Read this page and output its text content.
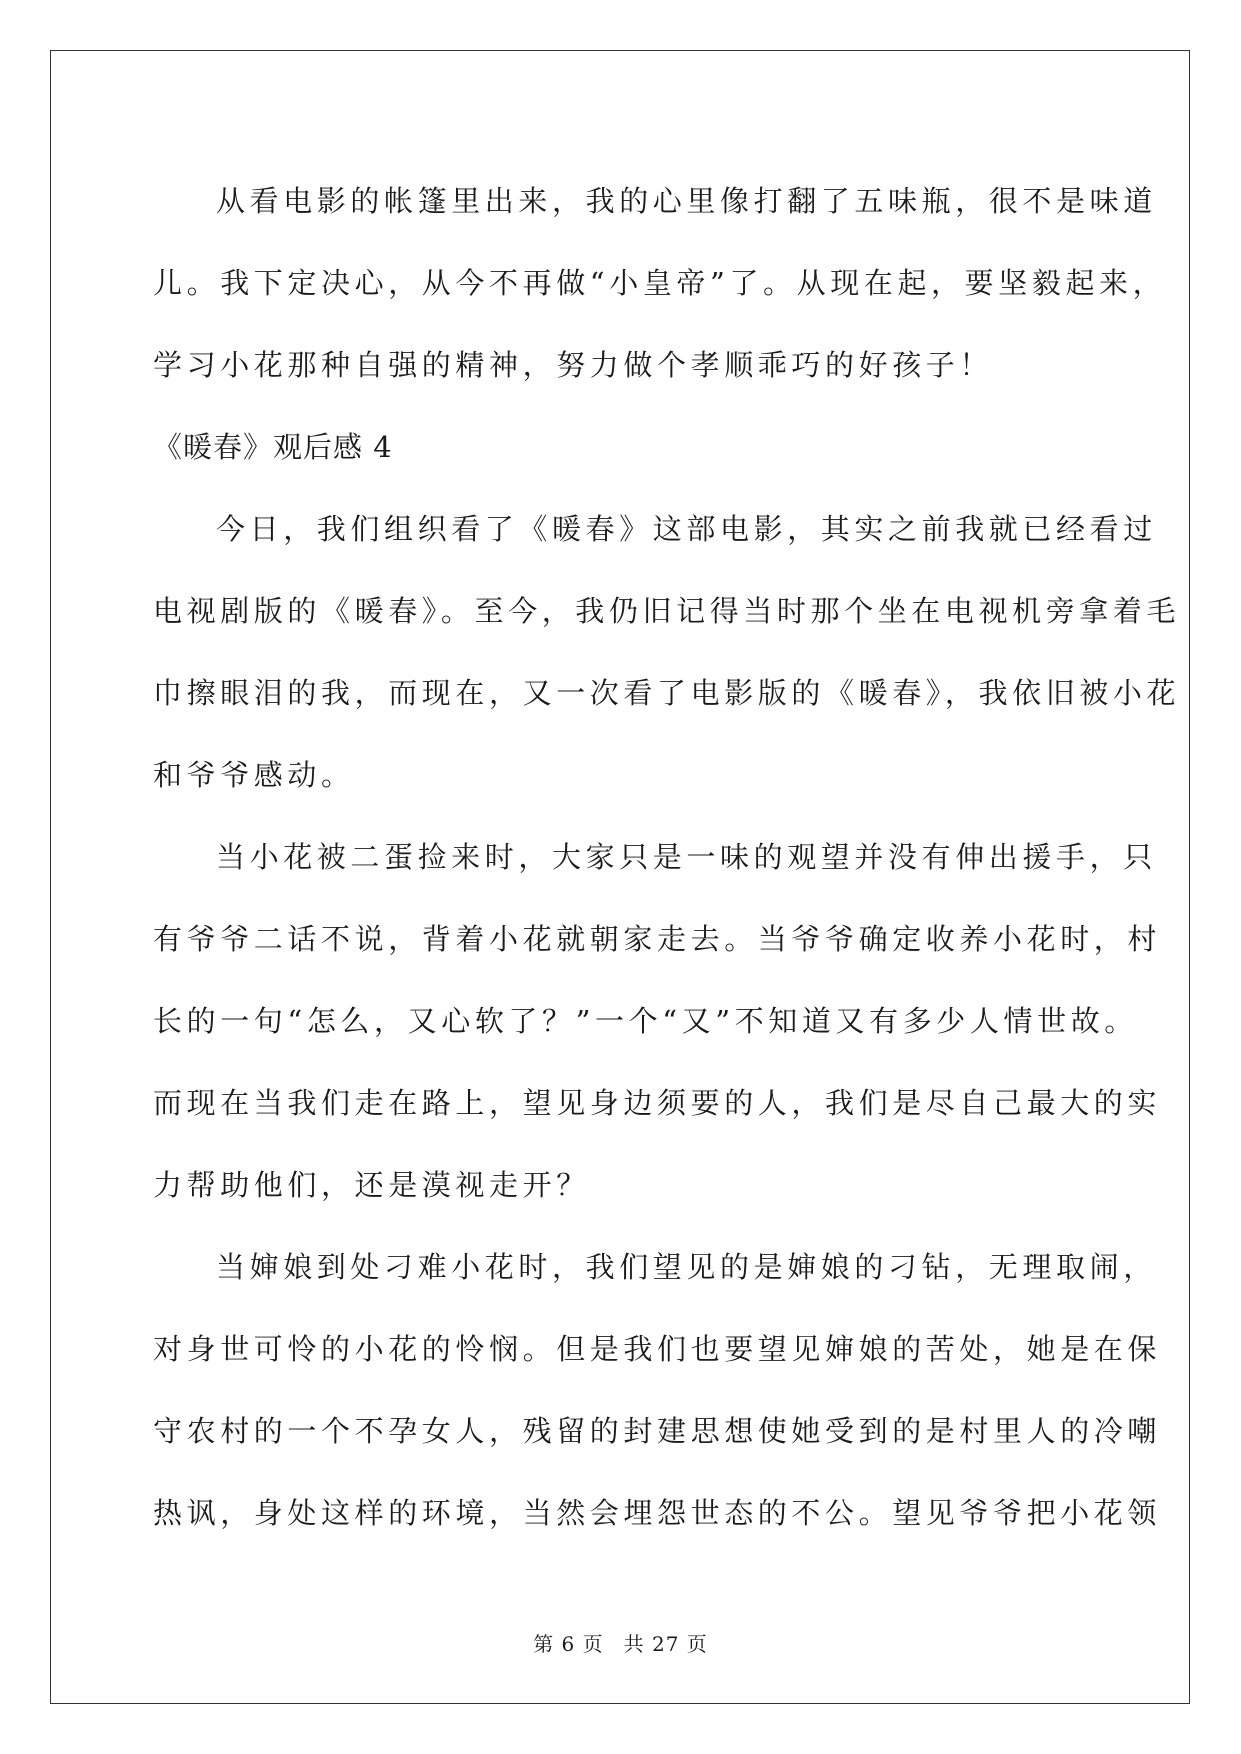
从看电影的帐篷里出来，我的心里像打翻了五味瓶，很不是味道
儿。我下定决心，从今不再做“小皇帝”了。从现在起，要坚毅起来，
学习小花那种自强的精神，努力做个孝顺乖巧的好孩子！
《暖春》观后感 4
今日，我们组织看了《暖春》这部电影，其实之前我就已经看过
电视剧版的《暖春》。至今，我仍旧记得当时那个坐在电视机旁拿着毛
巾擦眼泪的我，而现在，又一次看了电影版的《暖春》，我依旧被小花
和爷爷感动。
当小花被二蛋捡来时，大家只是一味的观望并没有伸出援手，只
有爷爷二话不说，背着小花就朝家走去。当爷爷确定收养小花时，村
长的一句“怎么，又心软了？”一个“又”不知道又有多少人情世故。
而现在当我们走在路上，望见身边须要的人，我们是尽自己最大的实
力帮助他们，还是漠视走开？
当婶娘到处刁难小花时，我们望见的是婶娘的刁钻，无理取闹，
对身世可怜的小花的怜悯。但是我们也要望见婶娘的苦处，她是在保
守农村的一个不孕女人，残留的封建思想使她受到的是村里人的冷嘲
热讽，身处这样的环境，当然会埋怨世态的不公。望见爷爷把小花领
第 6 页 共 27 页
